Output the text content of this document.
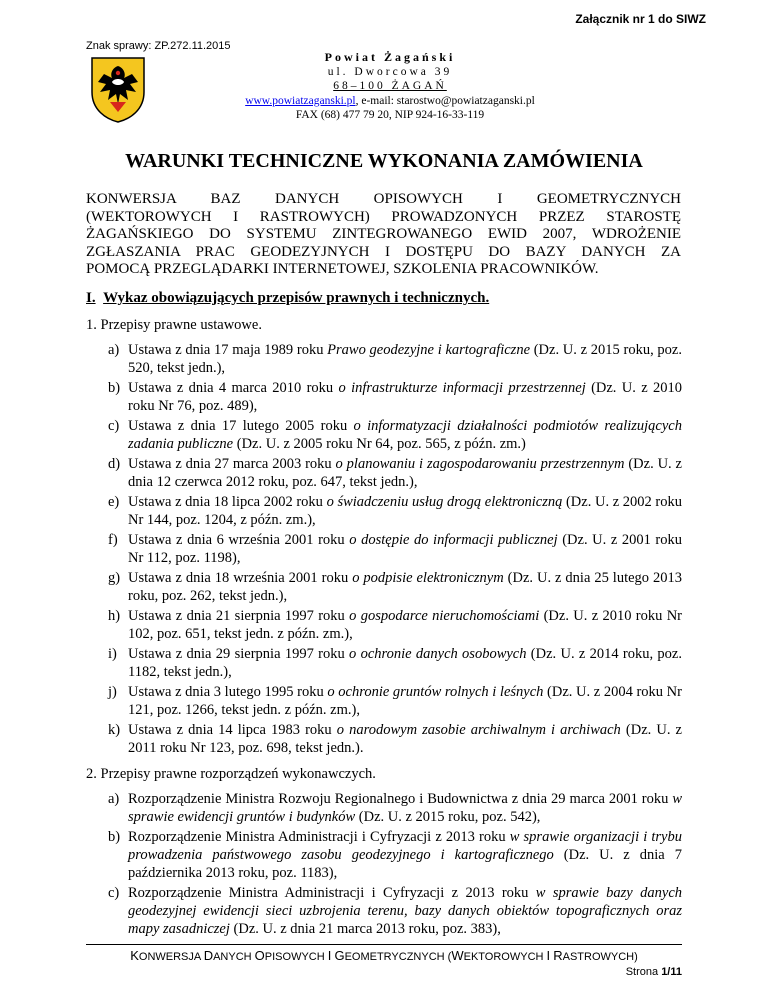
Załącznik nr 1 do SIWZ
Znak sprawy: ZP.272.11.2015
Powiat Żagański
ul. Dworcowa 39
68–100 ŻAGAŃ
www.powiatzaganski.pl, e-mail: starostwo@powiatzaganski.pl
FAX (68) 477 79 20, NIP 924-16-33-119
WARUNKI TECHNICZNE WYKONANIA ZAMÓWIENIA
KONWERSJA BAZ DANYCH OPISOWYCH I GEOMETRYCZNYCH
(WEKTOROWYCH I RASTROWYCH) PROWADZONYCH PRZEZ STAROSTĘ
ŻAGAŃSKIEGO DO SYSTEMU ZINTEGROWANEGO EWID 2007, WDROŻENIE
ZGŁASZANIA PRAC GEODEZYJNYCH I DOSTĘPU DO BAZY DANYCH ZA
POMOCĄ PRZEGLĄDARKI INTERNETOWEJ, SZKOLENIA PRACOWNIKÓW.
I. Wykaz obowiązujących przepisów prawnych i technicznych.
1. Przepisy prawne ustawowe.
a) Ustawa z dnia 17 maja 1989 roku Prawo geodezyjne i kartograficzne (Dz. U. z 2015 roku, poz. 520, tekst jedn.),
b) Ustawa z dnia 4 marca 2010 roku o infrastrukturze informacji przestrzennej (Dz. U. z 2010 roku Nr 76, poz. 489),
c) Ustawa z dnia 17 lutego 2005 roku o informatyzacji działalności podmiotów realizujących zadania publiczne (Dz. U. z 2005 roku Nr 64, poz. 565, z późn. zm.)
d) Ustawa z dnia 27 marca 2003 roku o planowaniu i zagospodarowaniu przestrzennym (Dz. U. z dnia 12 czerwca 2012 roku, poz. 647, tekst jedn.),
e) Ustawa z dnia 18 lipca 2002 roku o świadczeniu usług drogą elektroniczną (Dz. U. z 2002 roku Nr 144, poz. 1204, z późn. zm.),
f) Ustawa z dnia 6 września 2001 roku o dostępie do informacji publicznej (Dz. U. z 2001 roku Nr 112, poz. 1198),
g) Ustawa z dnia 18 września 2001 roku o podpisie elektronicznym (Dz. U. z dnia 25 lutego 2013 roku, poz. 262, tekst jedn.),
h) Ustawa z dnia 21 sierpnia 1997 roku o gospodarce nieruchomościami (Dz. U. z 2010 roku Nr 102, poz. 651, tekst jedn. z późn. zm.),
i) Ustawa z dnia 29 sierpnia 1997 roku o ochronie danych osobowych (Dz. U. z 2014 roku, poz. 1182, tekst jedn.),
j) Ustawa z dnia 3 lutego 1995 roku o ochronie gruntów rolnych i leśnych (Dz. U. z 2004 roku Nr 121, poz. 1266, tekst jedn. z późn. zm.),
k) Ustawa z dnia 14 lipca 1983 roku o narodowym zasobie archiwalnym i archiwach (Dz. U. z 2011 roku Nr 123, poz. 698, tekst jedn.).
2. Przepisy prawne rozporządzeń wykonawczych.
a) Rozporządzenie Ministra Rozwoju Regionalnego i Budownictwa z dnia 29 marca 2001 roku w sprawie ewidencji gruntów i budynków (Dz. U. z 2015 roku, poz. 542),
b) Rozporządzenie Ministra Administracji i Cyfryzacji z 2013 roku w sprawie organizacji i trybu prowadzenia państwowego zasobu geodezyjnego i kartograficznego (Dz. U. z dnia 7 października 2013 roku, poz. 1183),
c) Rozporządzenie Ministra Administracji i Cyfryzacji z 2013 roku w sprawie bazy danych geodezyjnej ewidencji sieci uzbrojenia terenu, bazy danych obiektów topograficznych oraz mapy zasadniczej (Dz. U. z dnia 21 marca 2013 roku, poz. 383),
KONWERSJA DANYCH OPISOWYCH I GEOMETRYCZNYCH (WEKTOROWYCH I RASTROWYCH)
Strona 1/11
